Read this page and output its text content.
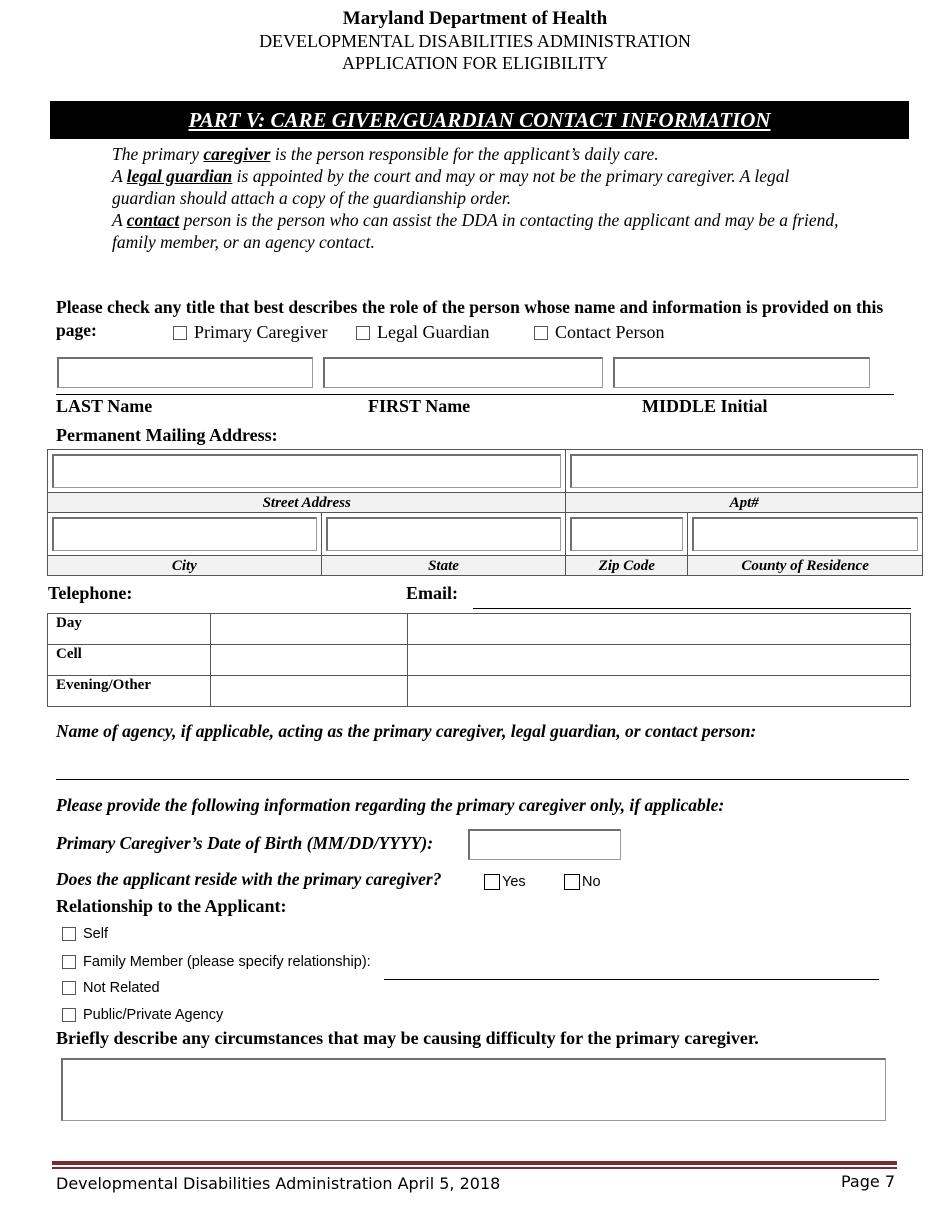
Maryland Department of Health
DEVELOPMENTAL DISABILITIES ADMINISTRATION
APPLICATION FOR ELIGIBILITY
PART V: CARE GIVER/GUARDIAN CONTACT INFORMATION
The primary caregiver is the person responsible for the applicant’s daily care.
A legal guardian is appointed by the court and may or may not be the primary caregiver. A legal guardian should attach a copy of the guardianship order.
A contact person is the person who can assist the DDA in contacting the applicant and may be a friend, family member, or an agency contact.
Please check any title that best describes the role of the person whose name and information is provided on this page:	Primary Caregiver	Legal Guardian	Contact Person
LAST Name	FIRST Name	MIDDLE Initial
Permanent Mailing Address:

Street Address		Apt#	

City	State	Zip Code	County of Residence
Telephone:	Email:
Day		
Cell		
Evening/Other		
Name of agency, if applicable, acting as the primary caregiver, legal guardian, or contact person:
Please provide the following information regarding the primary caregiver only, if applicable:
Primary Caregiver’s Date of Birth (MM/DD/YYYY):
Does the applicant reside with the primary caregiver?	Yes	No
Relationship to the Applicant:
Self
Family Member (please specify relationship):
Not Related
Public/Private Agency
Briefly describe any circumstances that may be causing difficulty for the primary caregiver.
Developmental Disabilities Administration April 5, 2018	Page 7
